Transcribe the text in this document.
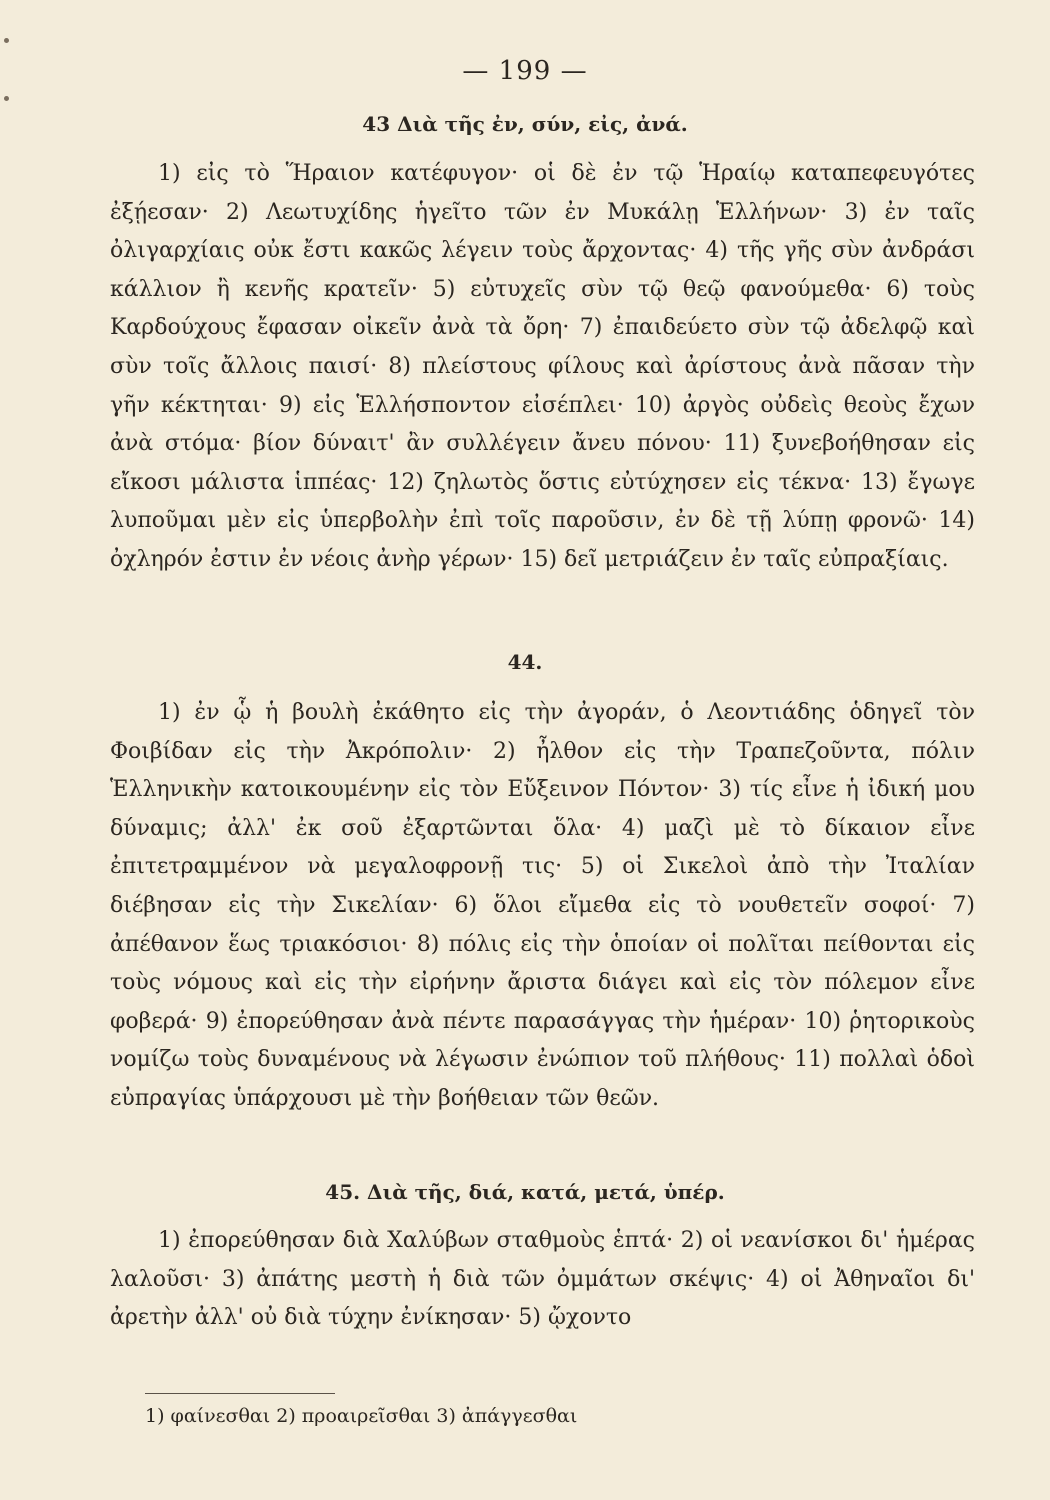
— 199 —
43 Διὰ τῆς ἐν, σύν, εἰς, ἀνά.

1) εἰς τὸ Ἥραιον κατέφυγον· οἱ δὲ ἐν τῷ Ἡραίῳ καταπεφευγότες ἐξῄεσαν· 2) Λεωτυχίδης ἡγεῖτο τῶν ἐν Μυκάλῃ Ἑλλήνων· 3) ἐν ταῖς ὀλιγαρχίαις οὐκ ἔστι κακῶς λέγειν τοὺς ἄρχοντας· 4) τῆς γῆς σὺν ἀνδράσι κάλλιον ἢ κενῆς κρατεῖν· 5) εὐτυχεῖς σὺν τῷ θεῷ φανούμεθα· 6) τοὺς Καρδούχους ἔφασαν οἰκεῖν ἀνὰ τὰ ὄρη· 7) ἐπαιδεύετο σὺν τῷ ἀδελφῷ καὶ σὺν τοῖς ἄλλοις παισί· 8) πλείστους φίλους καὶ ἀρίστους ἀνὰ πᾶσαν τὴν γῆν κέκτηται· 9) εἰς Ἑλλήσποντον εἰσέπλει· 10) ἀργὸς οὐδεὶς θεοὺς ἔχων ἀνὰ στόμα· βίον δύναιτ' ἂν συλλέγειν ἄνευ πόνου· 11) ξυνεβοήθησαν εἰς εἴκοσι μάλιστα ἱππέας· 12) ζηλωτὸς ὅστις εὐτύχησεν εἰς τέκνα· 13) ἔγωγε λυποῦμαι μὲν εἰς ὑπερβολὴν ἐπὶ τοῖς παροῦσιν, ἐν δὲ τῇ λύπῃ φρονῶ· 14) ὀχληρόν ἐστιν ἐν νέοις ἀνὴρ γέρων· 15) δεῖ μετριάζειν ἐν ταῖς εὐπραξίαις.

44.

1) ἐν ᾧ ἡ βουλὴ ἐκάθητο εἰς τὴν ἀγοράν, ὁ Λεοντιάδης ὁδηγεῖ τὸν Φοιβίδαν εἰς τὴν Ἀκρόπολιν· 2) ἦλθον εἰς τὴν Τραπεζοῦντα, πόλιν Ἑλληνικὴν κατοικουμένην εἰς τὸν Εὔξεινον Πόντον· 3) τίς εἶνε ἡ ἰδική μου δύναμις; ἀλλ' ἐκ σοῦ ἐξαρτῶνται ὅλα· 4) μαζὶ μὲ τὸ δίκαιον εἶνε ἐπιτετραμμένον νὰ μεγαλοφρονῇ τις· 5) οἱ Σικελοὶ ἀπὸ τὴν Ἰταλίαν διέβησαν εἰς τὴν Σικελίαν· 6) ὅλοι εἴμεθα εἰς τὸ νουθετεῖν σοφοί· 7) ἀπέθανον ἕως τριακόσιοι· 8) πόλις εἰς τὴν ὁποίαν οἱ πολῖται πείθονται εἰς τοὺς νόμους καὶ εἰς τὴν εἰρήνην ἄριστα διάγει καὶ εἰς τὸν πόλεμον εἶνε φοβερά· 9) ἐπορεύθησαν ἀνὰ πέντε παρασάγγας τὴν ἡμέραν· 10) ῥητορικοὺς νομίζω τοὺς δυναμένους νὰ λέγωσιν ἐνώπιον τοῦ πλήθους· 11) πολλαὶ ὁδοὶ εὐπραγίας ὑπάρχουσι μὲ τὴν βοήθειαν τῶν θεῶν.

45. Διὰ τῆς, διά, κατά, μετά, ὑπέρ.

1) ἐπορεύθησαν διὰ Χαλύβων σταθμοὺς ἑπτά· 2) οἱ νεανίσκοι δι' ἡμέρας λαλοῦσι· 3) ἀπάτης μεστὴ ἡ διὰ τῶν ὀμμάτων σκέψις· 4) οἱ Ἀθηναῖοι δι' ἀρετὴν ἀλλ' οὐ διὰ τύχην ἐνίκησαν· 5) ᾤχοντο

1) φαίνεσθαι 2) προαιρεῖσθαι 3) ἀπάγγεσθαι
